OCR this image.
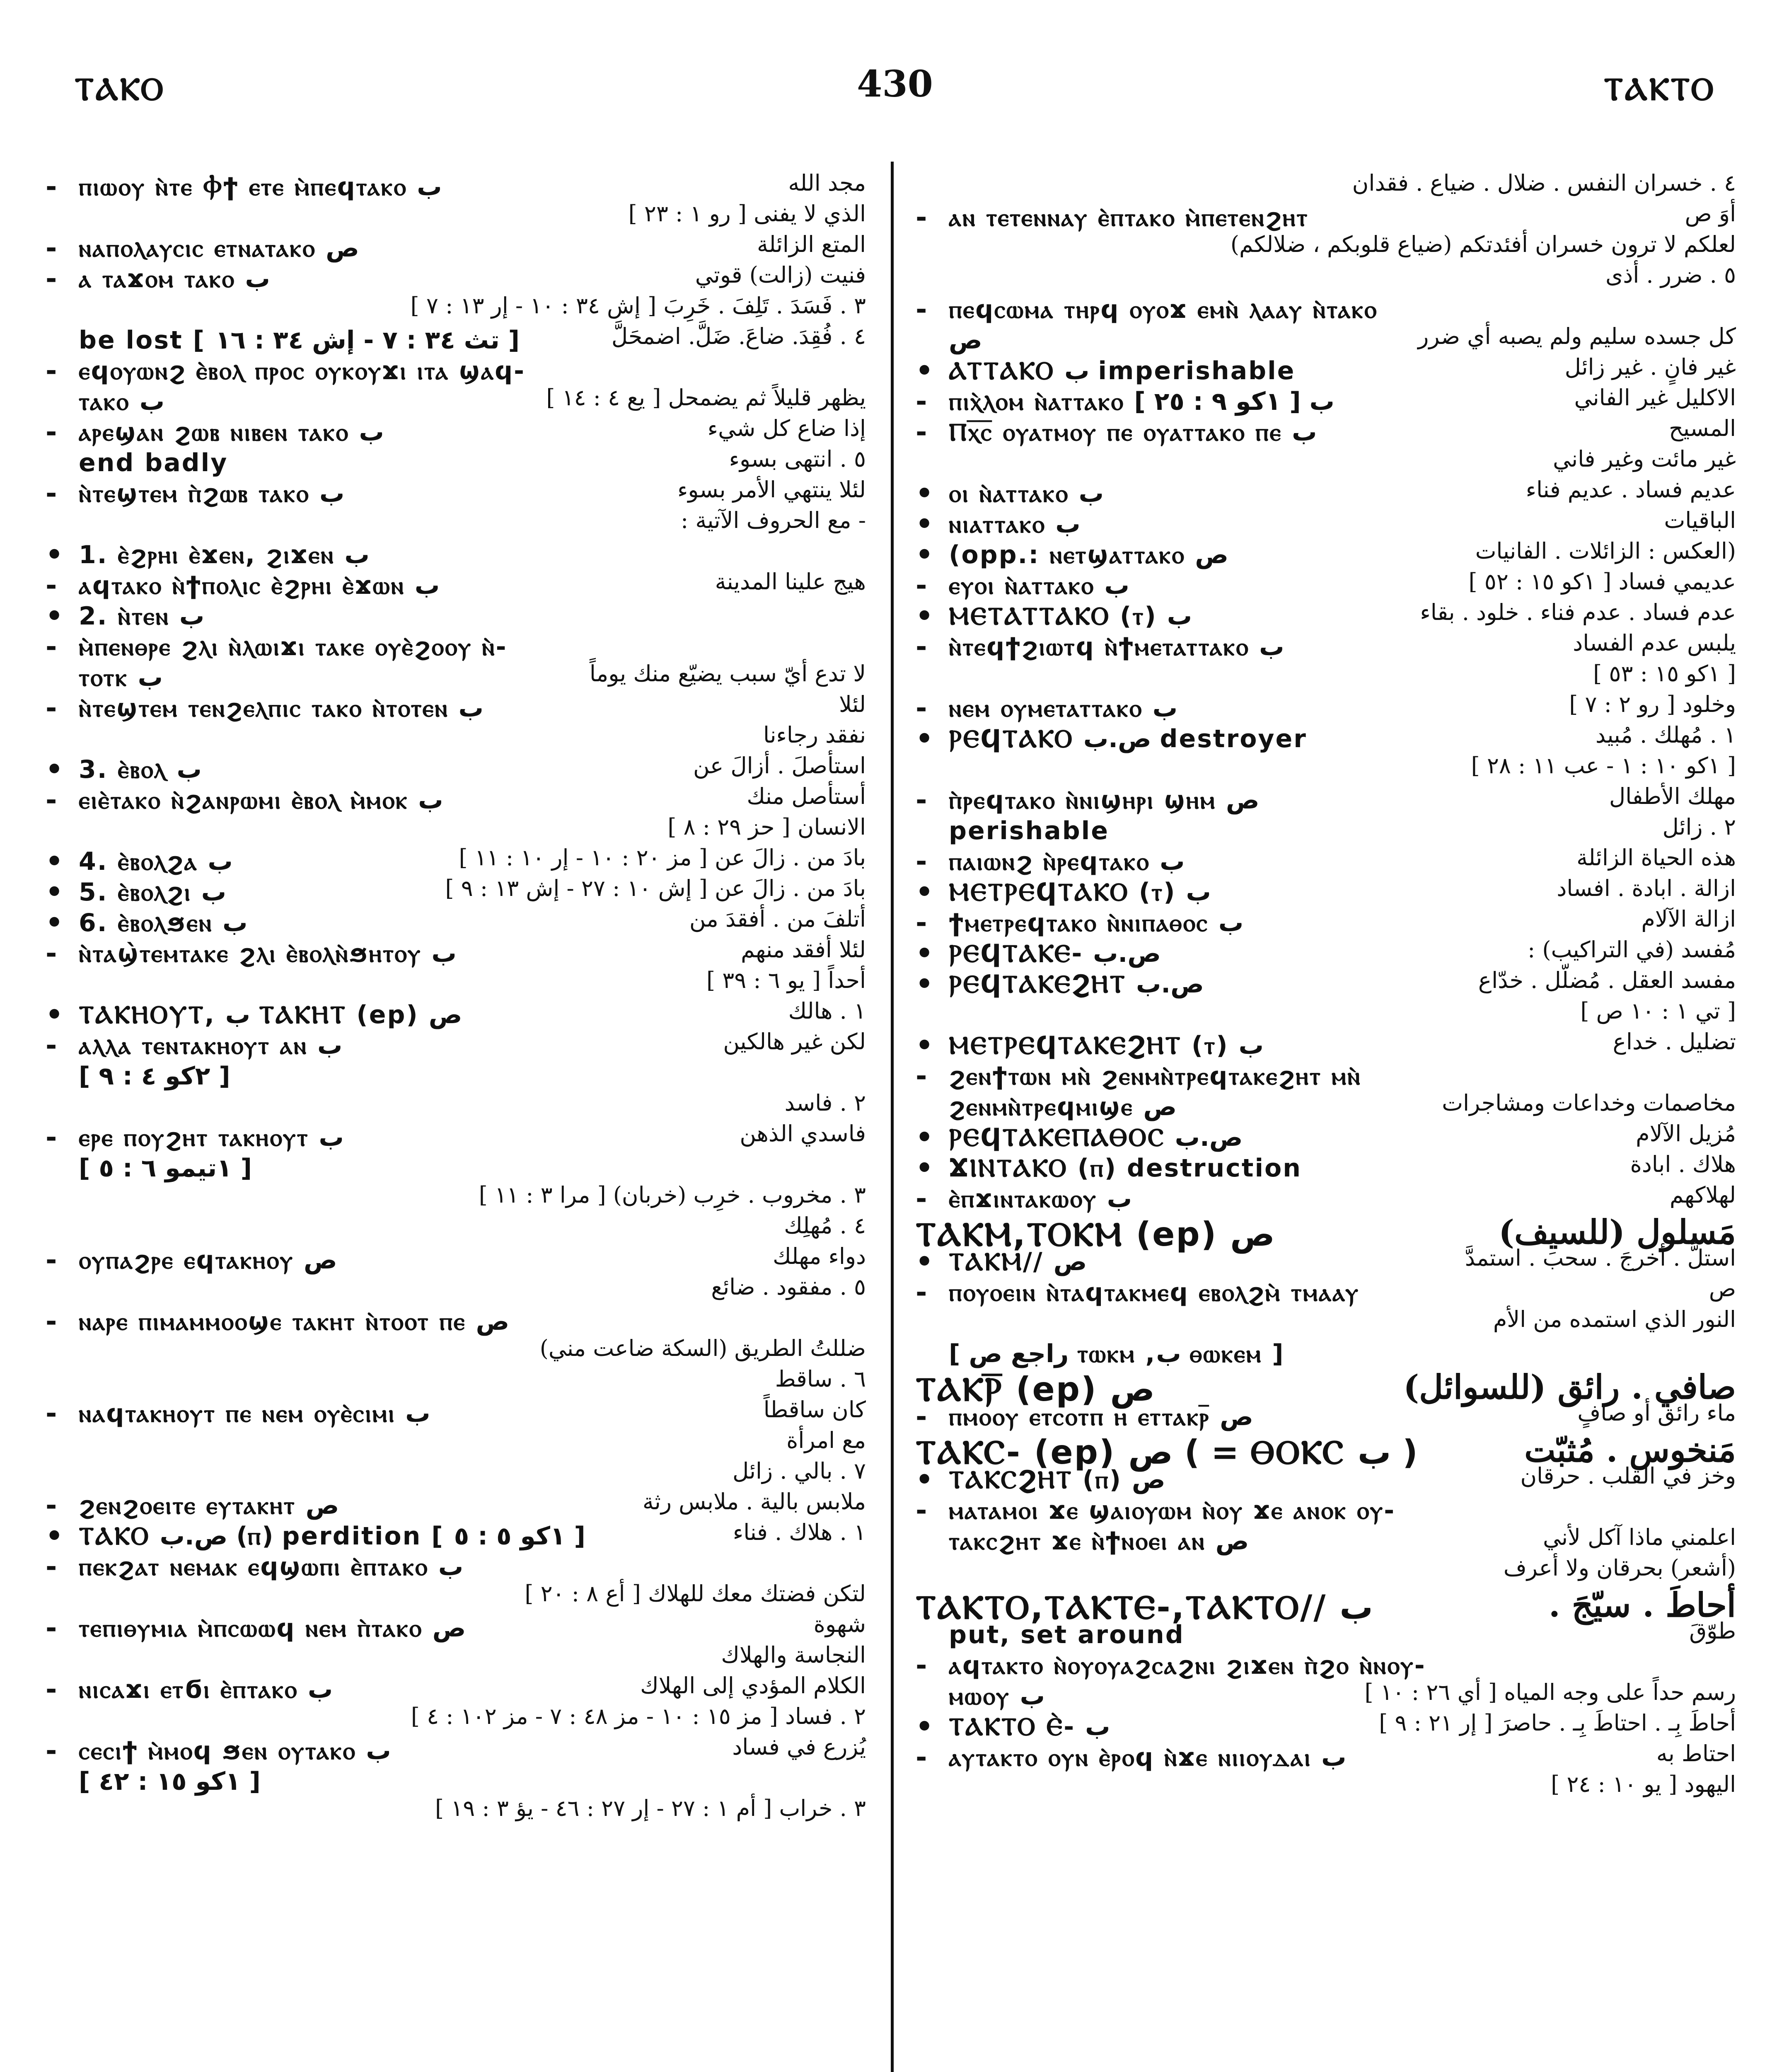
ⲦⲀⲔⲞ	430	ⲦⲀⲔⲦⲞ
- ⲡⲓⲱⲟⲩ ⲛ̀ⲧⲉ Ⲫϯ ⲉⲧⲉ ⲙ̀ⲡⲉϥⲧⲁⲕⲟ ب	مجد الله
الذي لا يفنى [ رو ١ : ٢٣ ]
- ⲛⲁⲡⲟⲗⲁⲩⲥⲓⲥ ⲉⲧⲛⲁⲧⲁⲕⲟ ص	المتع الزائلة
- ⲁ ⲧⲁϫⲟⲙ ⲧⲁⲕⲟ ب	فنيت (زالت) قوتي
٣ . فَسَدَ . تَلِفَ . خَرِبَ [ إش ٣٤ : ١٠ - إر ١٣ : ٧ ]
be lost [ تث ٣٤ : ٧ - إش ٣٤ : ١٦ ]	٤ . فُقِدَ. ضاعَ. ضَلَّ. اضمحَلَّ
- ⲉϥⲟⲩⲱⲛϩ ⲉ̀ⲃⲟⲗ ⲡⲣⲟⲥ ⲟⲩⲕⲟⲩϫⲓ ⲓⲧⲁ ϣⲁϥ-
ⲧⲁⲕⲟ ب	يظهر قليلاً ثم يضمحل [ يع ٤ : ١٤ ]
- ⲁⲣⲉϣⲁⲛ ϩⲱⲃ ⲛⲓⲃⲉⲛ ⲧⲁⲕⲟ ب	إذا ضاع كل شيء
end badly	٥ . انتهى بسوء
- ⲛ̀ⲧⲉϣⲧⲉⲙ ⲡ̀ϩⲱⲃ ⲧⲁⲕⲟ ب	لئلا ينتهي الأمر بسوء
- مع الحروف الآتية :
• 1. ⲉ̀ϩⲣⲏⲓ ⲉ̀ϫⲉⲛ, ϩⲓϫⲉⲛ ب
- ⲁϥⲧⲁⲕⲟ ⲛ̀ϯⲡⲟⲗⲓⲥ ⲉ̀ϩⲣⲏⲓ ⲉ̀ϫⲱⲛ ب	هيج علينا المدينة
• 2. ⲛ̀ⲧⲉⲛ ب
- ⲙ̀ⲡⲉⲛⲑⲣⲉ ϩⲗⲓ ⲛ̀ⲗⲱⲓϫⲓ ⲧⲁⲕⲉ ⲟⲩⲉ̀ϩⲟⲟⲩ ⲛ̀-
ⲧⲟⲧⲕ ب	لا تدع أيّ سبب يضيّع منك يوماً
- ⲛ̀ⲧⲉϣⲧⲉⲙ ⲧⲉⲛϩⲉⲗⲡⲓⲥ ⲧⲁⲕⲟ ⲛ̀ⲧⲟⲧⲉⲛ ب	لئلا
نفقد رجاءنا
• 3. ⲉ̀ⲃⲟⲗ ب	استأصلَ . أزالَ عن
- ⲉⲓⲉ̀ⲧⲁⲕⲟ ⲛ̀ϩⲁⲛⲣⲱⲙⲓ ⲉ̀ⲃⲟⲗ ⲙ̀ⲙⲟⲕ ب	أستأصل منك
الانسان [ حز ٢٩ : ٨ ]
• 4. ⲉ̀ⲃⲟⲗϩⲁ ب	بادَ من . زالَ عن [ مز ٢٠ : ١٠ - إر ١٠ : ١١ ]
• 5. ⲉ̀ⲃⲟⲗϩⲓ ب	بادَ من . زالَ عن [ إش ١٠ : ٢٧ - إش ١٣ : ٩ ]
• 6. ⲉ̀ⲃⲟⲗϧⲉⲛ ب	أتلفَ من . أفقدَ من
- ⲛ̀ⲧⲁϣ̀ⲧⲉⲙⲧⲁⲕⲉ ϩⲗⲓ ⲉ̀ⲃⲟⲗⲛ̀ϧⲏⲧⲟⲩ ب	لئلا أفقد منهم
أحداً [ يو ٦ : ٣٩ ]
• ⲦⲀⲔⲎⲞⲨⲦ, ب ⲦⲀⲔⲎⲦ (ep) ص	١ . هالك
- ⲁⲗⲗⲁ ⲧⲉⲛⲧⲁⲕⲏⲟⲩⲧ ⲁⲛ ب	لكن غير هالكين
[ ٢كو ٤ : ٩ ]
٢ . فاسد
- ⲉⲣⲉ ⲡⲟⲩϩⲏⲧ ⲧⲁⲕⲏⲟⲩⲧ ب	فاسدي الذهن
[ ١تيمو ٦ : ٥ ]
٣ . مخروب . خرِب (خربان) [ مرا ٣ : ١١ ]
٤ . مُهلِك
- ⲟⲩⲡⲁϩⲣⲉ ⲉϥⲧⲁⲕⲏⲟⲩ ص	دواء مهلك
٥ . مفقود . ضائع
- ⲛⲁⲣⲉ ⲡⲓⲙⲁⲙⲙⲟⲟϣⲉ ⲧⲁⲕⲏⲧ ⲛ̀ⲧⲟⲟⲧ ⲡⲉ ص
ضللتُ الطريق (السكة ضاعت مني)
٦ . ساقط
- ⲛⲁϥⲧⲁⲕⲏⲟⲩⲧ ⲡⲉ ⲛⲉⲙ ⲟⲩⲉ̀ⲥⲓⲙⲓ ب	كان ساقطاً
مع امرأة
٧ . بالي . زائل
- ϩⲉⲛϩⲟⲉⲓⲧⲉ ⲉⲩⲧⲁⲕⲏⲧ ص	ملابس بالية . ملابس رثة
• ⲦⲀⲔⲞ ص.ب (ⲡ) perdition [ ١كو ٥ : ٥ ]	١ . هلاك . فناء
- ⲡⲉⲕϩⲁⲧ ⲛⲉⲙⲁⲕ ⲉϥϣⲱⲡⲓ ⲉ̀ⲡⲧⲁⲕⲟ ب
لتكن فضتك معك للهلاك [ أع ٨ : ٢٠ ]
- ⲧⲉⲡⲓⲑⲩⲙⲓⲁ ⲙ̀ⲡⲥⲱⲱϥ ⲛⲉⲙ ⲡ̀ⲧⲁⲕⲟ ص	شهوة
النجاسة والهلاك
- ⲛⲓⲥⲁϫⲓ ⲉⲧϭⲓ ⲉ̀ⲡⲧⲁⲕⲟ ب	الكلام المؤدي إلى الهلاك
٢ . فساد [ مز ١٥ : ١٠ - مز ٤٨ : ٧ - مز ١٠٢ : ٤ ]
- ⲥⲉⲥⲓϯ ⲙ̀ⲙⲟϥ ϧⲉⲛ ⲟⲩⲧⲁⲕⲟ ب	يُزرع في فساد
[ ١كو ١٥ : ٤٢ ]
٣ . خراب [ أم ١ : ٢٧ - إر ٢٧ : ٤٦ - يؤ ٣ : ١٩ ]
٤ . خسران النفس . ضلال . ضياع . فقدان
- ⲁⲛ ⲧⲉⲧⲉⲛⲛⲁⲩ ⲉ̀ⲡⲧⲁⲕⲟ ⲙ̀ⲡⲉⲧⲉⲛϩⲏⲧ	أوَ ص
لعلكم لا ترون خسران أفئدتكم (ضياع قلوبكم ، ضلالكم)
٥ . ضرر . أذى
- ⲡⲉϥⲥⲱⲙⲁ ⲧⲏⲣϥ ⲟⲩⲟϫ ⲉⲙⲛ̀ ⲗⲁⲁⲩ ⲛ̀ⲧⲁⲕⲟ
ص	كل جسده سليم ولم يصبه أي ضرر
• ⲀⲦⲦⲀⲔⲞ ب imperishable	غير فانٍ . غير زائل
- ⲡⲓⲭ̀ⲗⲟⲙ ⲛ̀ⲁⲧⲧⲁⲕⲟ ب [ ١كو ٩ : ٢٥ ]	الاكليل غير الفاني
- Ⲡⲭ̅ⲥ̅ ⲟⲩⲁⲧⲙⲟⲩ ⲡⲉ ⲟⲩⲁⲧⲧⲁⲕⲟ ⲡⲉ ب	المسيح
غير مائت وغير فاني
• ⲟⲓ ⲛ̀ⲁⲧⲧⲁⲕⲟ ب	عديم فساد . عديم فناء
• ⲛⲓⲁⲧⲧⲁⲕⲟ ب	الباقيات
• (opp.: ⲛⲉⲧϣⲁⲧⲧⲁⲕⲟ ص	(العكس : الزائلات . الفانيات
- ⲉⲩⲟⲓ ⲛ̀ⲁⲧⲧⲁⲕⲟ ب	عديمي فساد [ ١كو ١٥ : ٥٢ ]
• ⲘⲈⲦⲀⲦⲦⲀⲔⲞ (ⲧ) ب	عدم فساد . عدم فناء . خلود . بقاء
- ⲛ̀ⲧⲉϥϯϩⲓⲱⲧϥ ⲛ̀ϯⲙⲉⲧⲁⲧⲧⲁⲕⲟ ب	يلبس عدم الفساد
[ ١كو ١٥ : ٥٣ ]
- ⲛⲉⲙ ⲟⲩⲙⲉⲧⲁⲧⲧⲁⲕⲟ ب	وخلود [ رو ٢ : ٧ ]
• ⲢⲈϤⲦⲀⲔⲞ ص.ب destroyer	١ . مُهلك . مُبيد
[ ١كو ١٠ : ١ - عب ١١ : ٢٨ ]
- ⲡ̀ⲣⲉϥⲧⲁⲕⲟ ⲛ̀ⲛⲓϣⲏⲣⲓ ϣⲏⲙ ص	مهلك الأطفال
perishable	٢ . زائل
- ⲡⲁⲓⲱⲛϩ ⲛ̀ⲣⲉϥⲧⲁⲕⲟ ب	هذه الحياة الزائلة
• ⲘⲈⲦⲢⲈϤⲦⲀⲔⲞ (ⲧ) ب	ازالة . ابادة . افساد
- ϯⲙⲉⲧⲣⲉϥⲧⲁⲕⲟ ⲛ̀ⲛⲓⲡⲁⲑⲟⲥ ب	ازالة الآلام
• ⲢⲈϤⲦⲀⲔⲈ- ص.ب	مُفسد (في التراكيب) :
• ⲢⲈϤⲦⲀⲔⲈϨⲎⲦ ص.ب	مفسد العقل . مُضلّل . خدّاع
[ تي ١ : ١٠ ص ]
• ⲘⲈⲦⲢⲈϤⲦⲀⲔⲈϨⲎⲦ (ⲧ) ب	تضليل . خداع
- ϩⲉⲛϯⲧⲱⲛ ⲙⲛ̀ ϩⲉⲛⲙⲛ̀ⲧⲣⲉϥⲧⲁⲕⲉϩⲏⲧ ⲙⲛ̀
ϩⲉⲛⲙⲛ̀ⲧⲣⲉϥⲙⲓϣⲉ ص	مخاصمات وخداعات ومشاجرات
• ⲢⲈϤⲦⲀⲔⲈⲠⲀⲐⲞⲤ ص.ب	مُزيل الآلام
• ϪⲒⲚⲦⲀⲔⲞ (ⲡ) destruction	هلاك . ابادة
- ⲉ̀ⲡϫⲓⲛⲧⲁⲕⲱⲟⲩ ب	لهلاكهم
ⲦⲀⲔⲘ,ⲦⲞⲔⲘ (ep) ص	مَسلول (للسيف)
• ⲦⲀⲔⲘ// ص	استلَّ . أخرجَ . سحبَ . استمدَّ
- ⲡⲟⲩⲟⲉⲓⲛ ⲛ̀ⲧⲁϥⲧⲁⲕⲙⲉϥ ⲉⲃⲟⲗϩⲙ̀ ⲧⲙⲁⲁⲩ	ص
النور الذي استمده من الأم
[ راجع ص ⲧⲱⲕⲙ ,ب ⲑⲱⲕⲉⲙ ]
ⲦⲀⲔⲢ̅ (ep) ص	صافي . رائق (للسوائل)
- ⲡⲙⲟⲟⲩ ⲉⲧⲥⲟⲧⲡ ⲏ ⲉⲧⲧⲁⲕⲣ̅ ص	ماء رائق أو صافٍ
ⲦⲀⲔⲤ- (ep) ص ( = ⲐⲞⲔⲤ ب )	مَنخوس . مُثبّت
• ⲦⲀⲔⲤϨⲎⲦ (ⲡ) ص	وخز في القلب . حرقان
- ⲙⲁⲧⲁⲙⲟⲓ ϫⲉ ϣⲁⲓⲟⲩⲱⲙ ⲛ̀ⲟⲩ ϫⲉ ⲁⲛⲟⲕ ⲟⲩ-
ⲧⲁⲕⲥϩⲏⲧ ϫⲉ ⲛ̀ϯⲛⲟⲉⲓ ⲁⲛ ص	اعلمني ماذا آكل لأني
(أشعر) بحرقان ولا أعرف
ⲦⲀⲔⲦⲞ,ⲦⲀⲔⲦⲈ-,ⲦⲀⲔⲦⲞ// ب	أحاطَ . سيّجَ .
put, set around	طوّقَ
- ⲁϥⲧⲁⲕⲧⲟ ⲛ̀ⲟⲩⲟⲩⲁϩⲥⲁϩⲛⲓ ϩⲓϫⲉⲛ ⲡ̀ϩⲟ ⲛ̀ⲛⲟⲩ-
ⲙⲱⲟⲩ ب	رسم حداً على وجه المياه [ أي ٢٦ : ١٠ ]
• ⲦⲀⲔⲦⲞ Ⲉ̀- ب	أحاطَ بِـ . احتاطَ بِـ . حاصرَ [ إر ٢١ : ٩ ]
- ⲁⲩⲧⲁⲕⲧⲟ ⲟⲩⲛ ⲉ̀ⲣⲟϥ ⲛ̀ϫⲉ ⲛⲓⲓⲟⲩⲇⲁⲓ ب	احتاط به
اليهود [ يو ١٠ : ٢٤ ]
